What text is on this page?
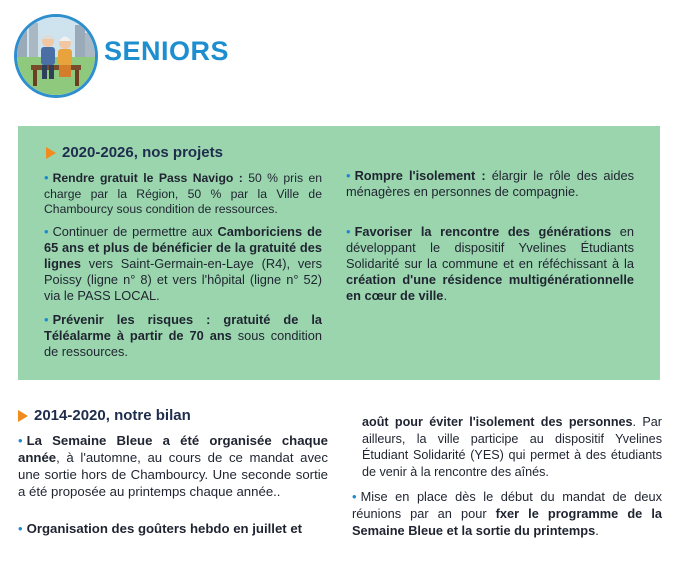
SENIORS
2020-2026, nos projets
• Rendre gratuit le Pass Navigo : 50 % pris en charge par la Région, 50 % par la Ville de Chambourcy sous condition de ressources.
• Continuer de permettre aux Camboriciens de 65 ans et plus de bénéficier de la gratuité des lignes vers Saint-Germain-en-Laye (R4), vers Poissy (ligne n° 8) et vers l'hôpital (ligne n° 52) via le PASS LOCAL.
• Prévenir les risques : gratuité de la Téléalarme à partir de 70 ans sous condition de ressources.
• Rompre l'isolement : élargir le rôle des aides ménagères en personnes de compagnie.
• Favoriser la rencontre des générations en développant le dispositif Yvelines Étudiants Solidarité sur la commune et en réféchissant à la création d'une résidence multigénérationnelle en cœur de ville.
2014-2020, notre bilan
• La Semaine Bleue a été organisée chaque année, à l'automne, au cours de ce mandat avec une sortie hors de Chambourcy. Une seconde sortie a été proposée au printemps chaque année..
• Organisation des goûters hebdo en juillet et
août pour éviter l'isolement des personnes. Par ailleurs, la ville participe au dispositif Yvelines Étudiant Solidarité (YES) qui permet à des étudiants de venir à la rencontre des aînés.
• Mise en place dès le début du mandat de deux réunions par an pour fxer le programme de la Semaine Bleue et la sortie du printemps.
